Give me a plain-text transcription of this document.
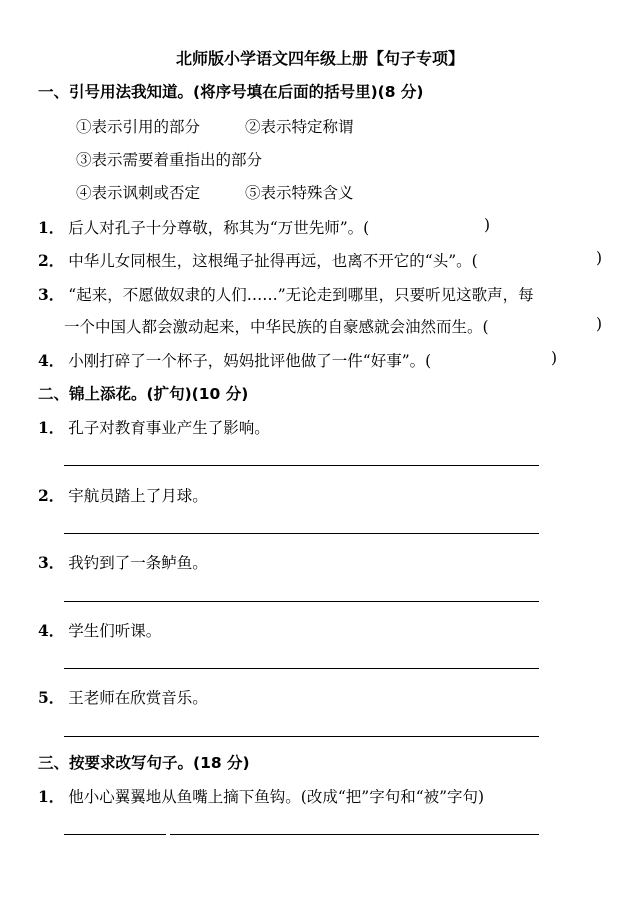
北师版小学语文四年级上册【句子专项】
一、引号用法我知道。(将序号填在后面的括号里)(8 分)
①表示引用的部分	②表示特定称谓
③表示需要着重指出的部分
④表示讽刺或否定	⑤表示特殊含义
1． 后人对孔子十分尊敬，称其为“万世先师”。(	)
2． 中华儿女同根生，这根绳子扯得再远，也离不开它的“头”。(	)
3． “起来，不愿做奴隶的人们……”无论走到哪里，只要听见这歌声，每
一个中国人都会激动起来，中华民族的自豪感就会油然而生。(	)
4． 小刚打碎了一个杯子，妈妈批评他做了一件“好事”。(	)
二、锦上添花。(扩句)(10 分)
1． 孔子对教育事业产生了影响。
2． 宇航员踏上了月球。
3． 我钓到了一条鲈鱼。
4． 学生们听课。
5． 王老师在欣赏音乐。
三、按要求改写句子。(18 分)
1． 他小心翼翼地从鱼嘴上摘下鱼钩。(改成“把”字句和“被”字句)
